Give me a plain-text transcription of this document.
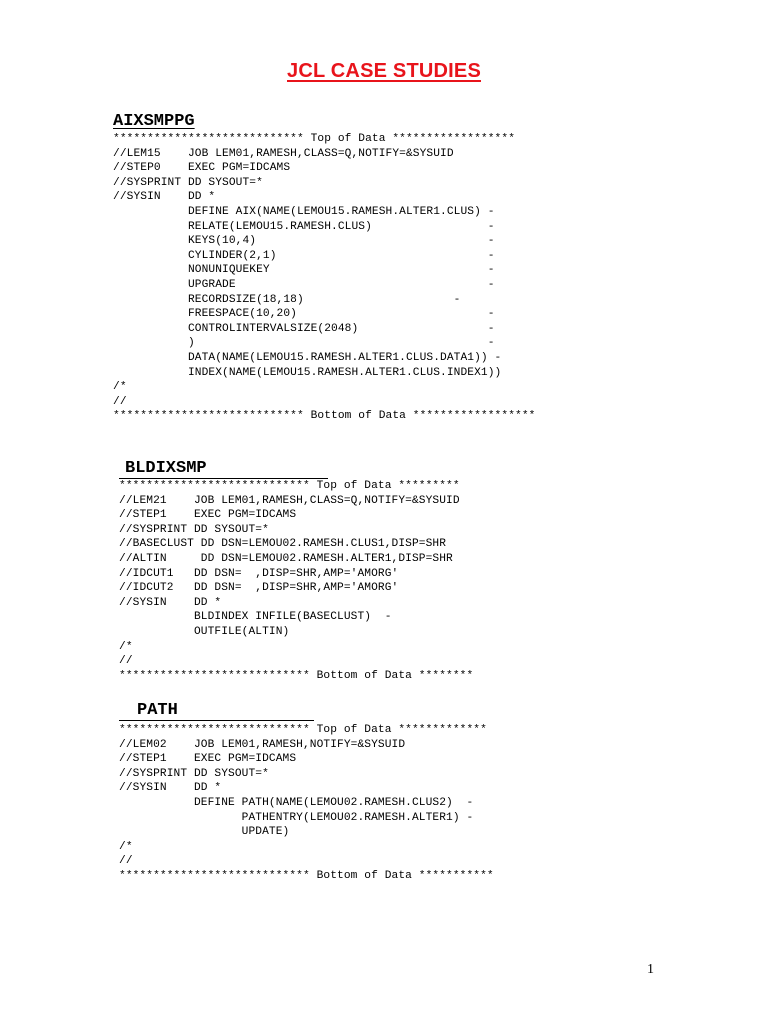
JCL CASE STUDIES
AIXSMPPG
**************************** Top of Data ******************
//LEM15    JOB LEM01,RAMESH,CLASS=Q,NOTIFY=&SYSUID
//STEP0    EXEC PGM=IDCAMS
//SYSPRINT DD SYSOUT=*
//SYSIN    DD *
DEFINE AIX(NAME(LEMOU15.RAMESH.ALTER1.CLUS) -
RELATE(LEMOU15.RAMESH.CLUS)                 -
KEYS(10,4)                                  -
CYLINDER(2,1)                               -
NONUNIQUEKEY                                -
UPGRADE                                     -
RECORDSIZE(18,18)                      -
FREESPACE(10,20)                            -
CONTROLINTERVALSIZE(2048)                   -
)                                           -
DATA(NAME(LEMOU15.RAMESH.ALTER1.CLUS.DATA1)) -
INDEX(NAME(LEMOU15.RAMESH.ALTER1.CLUS.INDEX1))
/*
//
**************************** Bottom of Data ******************
BLDIXSMP
**************************** Top of Data *********
//LEM21    JOB LEM01,RAMESH,CLASS=Q,NOTIFY=&SYSUID
//STEP1    EXEC PGM=IDCAMS
//SYSPRINT DD SYSOUT=*
//BASECLUST DD DSN=LEMOU02.RAMESH.CLUS1,DISP=SHR
//ALTIN     DD DSN=LEMOU02.RAMESH.ALTER1,DISP=SHR
//IDCUT1   DD DSN=  ,DISP=SHR,AMP='AMORG'
//IDCUT2   DD DSN=  ,DISP=SHR,AMP='AMORG'
//SYSIN    DD *
BLDINDEX INFILE(BASECLUST)  -
OUTFILE(ALTIN)
/*
//
**************************** Bottom of Data ********
PATH
**************************** Top of Data *************
//LEM02    JOB LEM01,RAMESH,NOTIFY=&SYSUID
//STEP1    EXEC PGM=IDCAMS
//SYSPRINT DD SYSOUT=*
//SYSIN    DD *
DEFINE PATH(NAME(LEMOU02.RAMESH.CLUS2)  -
PATHENTRY(LEMOU02.RAMESH.ALTER1) -
UPDATE)
/*
//
**************************** Bottom of Data ***********
1
